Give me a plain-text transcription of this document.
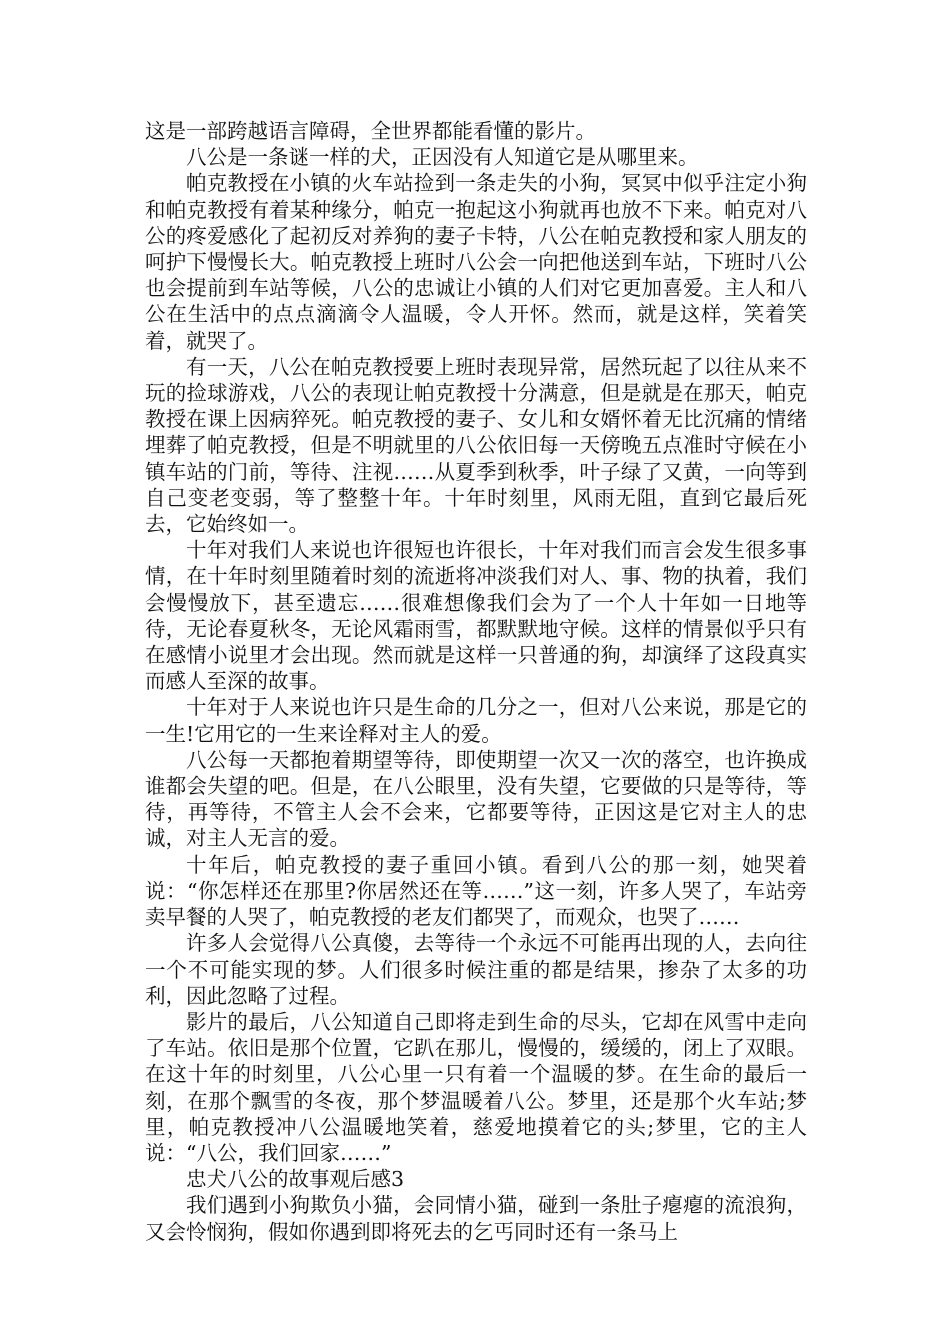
这是一部跨越语言障碍，全世界都能看懂的影片。

八公是一条谜一样的犬，正因没有人知道它是从哪里来。

帕克教授在小镇的火车站捡到一条走失的小狗，冥冥中似乎注定小狗和帕克教授有着某种缘分，帕克一抱起这小狗就再也放不下来。帕克对八公的疼爱感化了起初反对养狗的妻子卡特，八公在帕克教授和家人朋友的呵护下慢慢长大。帕克教授上班时八公会一向把他送到车站，下班时八公也会提前到车站等候，八公的忠诚让小镇的人们对它更加喜爱。主人和八公在生活中的点点滴滴令人温暖，令人开怀。然而，就是这样，笑着笑着，就哭了。

有一天，八公在帕克教授要上班时表现异常，居然玩起了以往从来不玩的捡球游戏，八公的表现让帕克教授十分满意，但是就是在那天，帕克教授在课上因病猝死。帕克教授的妻子、女儿和女婿怀着无比沉痛的情绪埋葬了帕克教授，但是不明就里的八公依旧每一天傍晚五点准时守候在小镇车站的门前，等待、注视……从夏季到秋季，叶子绿了又黄，一向等到自己变老变弱，等了整整十年。十年时刻里，风雨无阻，直到它最后死去，它始终如一。

十年对我们人来说也许很短也许很长，十年对我们而言会发生很多事情，在十年时刻里随着时刻的流逝将冲淡我们对人、事、物的执着，我们会慢慢放下，甚至遗忘……很难想像我们会为了一个人十年如一日地等待，无论春夏秋冬，无论风霜雨雪，都默默地守候。这样的情景似乎只有在感情小说里才会出现。然而就是这样一只普通的狗，却演绎了这段真实而感人至深的故事。

十年对于人来说也许只是生命的几分之一，但对八公来说，那是它的一生!它用它的一生来诠释对主人的爱。

八公每一天都抱着期望等待，即使期望一次又一次的落空，也许换成谁都会失望的吧。但是，在八公眼里，没有失望，它要做的只是等待，等待，再等待，不管主人会不会来，它都要等待，正因这是它对主人的忠诚，对主人无言的爱。

十年后，帕克教授的妻子重回小镇。看到八公的那一刻，她哭着说：“你怎样还在那里?你居然还在等……”这一刻，许多人哭了，车站旁卖早餐的人哭了，帕克教授的老友们都哭了，而观众，也哭了……

许多人会觉得八公真傻，去等待一个永远不可能再出现的人，去向往一个不可能实现的梦。人们很多时候注重的都是结果，掺杂了太多的功利，因此忽略了过程。

影片的最后，八公知道自己即将走到生命的尽头，它却在风雪中走向了车站。依旧是那个位置，它趴在那儿，慢慢的，缓缓的，闭上了双眼。在这十年的时刻里，八公心里一只有着一个温暖的梦。在生命的最后一刻，在那个飘雪的冬夜，那个梦温暖着八公。梦里，还是那个火车站;梦里，帕克教授冲八公温暖地笑着，慈爱地摸着它的头;梦里，它的主人说：“八公，我们回家……”

忠犬八公的故事观后感3

我们遇到小狗欺负小猫，会同情小猫，碰到一条肚子瘪瘪的流浪狗，又会怜悯狗，假如你遇到即将死去的乞丐同时还有一条马上
